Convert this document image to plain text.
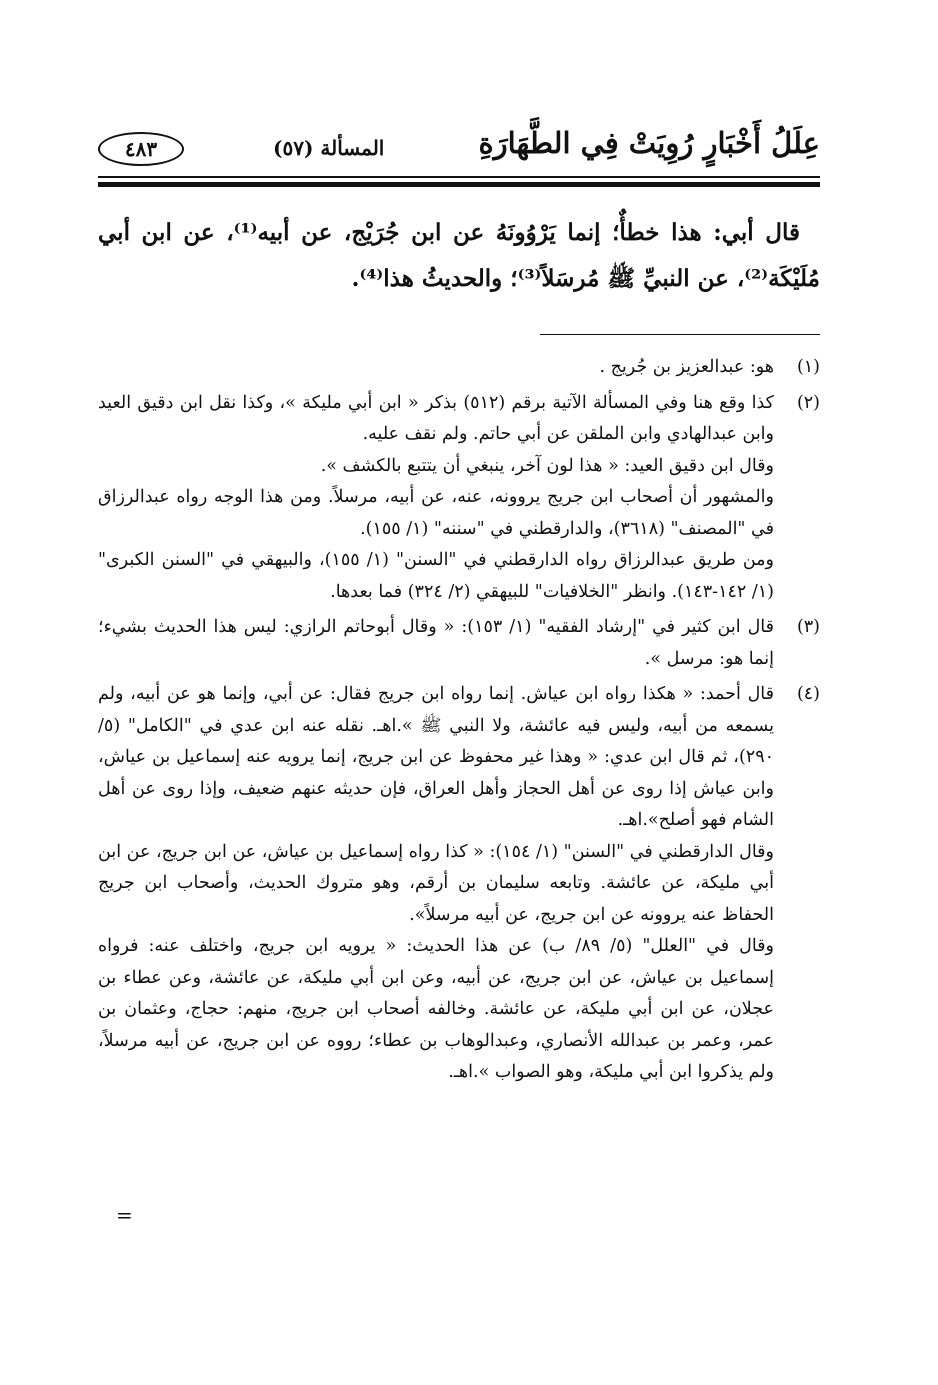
عِلَلُ أَخْبَارٍ رُوِيَتْ فِي الطَّهَارَةِ
المسألة (٥٧)
٤٨٣
قال أبي: هذا خطأٌ؛ إنما يَرْوُونَهُ عن ابن جُرَيْج، عن أبيه⁽¹⁾، عن ابن أبي مُلَيْكَة⁽²⁾، عن النبيِّ ﷺ مُرسَلاً⁽³⁾؛ والحديثُ هذا⁽⁴⁾.
(١)

هو: عبدالعزيز بن جُريج .

(٢)

كذا وقع هنا وفي المسألة الآتية برقم (٥١٢) بذكر « ابن أبي مليكة »، وكذا نقل ابن دقيق العيد وابن عبدالهادي وابن الملقن عن أبي حاتم. ولم نقف عليه.

وقال ابن دقيق العيد: « هذا لون آخر، ينبغي أن يتتبع بالكشف ».

والمشهور أن أصحاب ابن جريج يروونه، عنه، عن أبيه، مرسلاً. ومن هذا الوجه رواه عبدالرزاق في "المصنف" (٣٦١٨)، والدارقطني في "سننه" (١/ ١٥٥).

ومن طريق عبدالرزاق رواه الدارقطني في "السنن" (١/ ١٥٥)، والبيهقي في "السنن الكبرى" (١/ ١٤٢-١٤٣). وانظر "الخلافيات" للبيهقي (٢/ ٣٢٤) فما بعدها.

(٣)

قال ابن كثير في "إرشاد الفقيه" (١/ ١٥٣): « وقال أبوحاتم الرازي: ليس هذا الحديث بشيء؛ إنما هو: مرسل ».

(٤)

قال أحمد: « هكذا رواه ابن عياش. إنما رواه ابن جريج فقال: عن أبي، وإنما هو عن أبيه، ولم يسمعه من أبيه، وليس فيه عائشة، ولا النبي ﷺ ».اهـ. نقله عنه ابن عدي في "الكامل" (٥/ ٢٩٠)، ثم قال ابن عدي: « وهذا غير محفوظ عن ابن جريج، إنما يرويه عنه إسماعيل بن عياش، وابن عياش إذا روى عن أهل الحجاز وأهل العراق، فإن حديثه عنهم ضعيف، وإذا روى عن أهل الشام فهو أصلح».اهـ.

وقال الدارقطني في "السنن" (١/ ١٥٤): « كذا رواه إسماعيل بن عياش، عن ابن جريج، عن ابن أبي مليكة، عن عائشة. وتابعه سليمان بن أرقم، وهو متروك الحديث، وأصحاب ابن جريج الحفاظ عنه يروونه عن ابن جريج، عن أبيه مرسلاً».

وقال في "العلل" (٥/ ٨٩/ ب) عن هذا الحديث: « يرويه ابن جريج، واختلف عنه: فرواه إسماعيل بن عياش، عن ابن جريج، عن أبيه، وعن ابن أبي مليكة، عن عائشة، وعن عطاء بن عجلان، عن ابن أبي مليكة، عن عائشة. وخالفه أصحاب ابن جريج، منهم: حجاج، وعثمان بن عمر، وعمر بن عبدالله الأنصاري، وعبدالوهاب بن عطاء؛ رووه عن ابن جريج، عن أبيه مرسلاً، ولم يذكروا ابن أبي مليكة، وهو الصواب ».اهـ.

=
